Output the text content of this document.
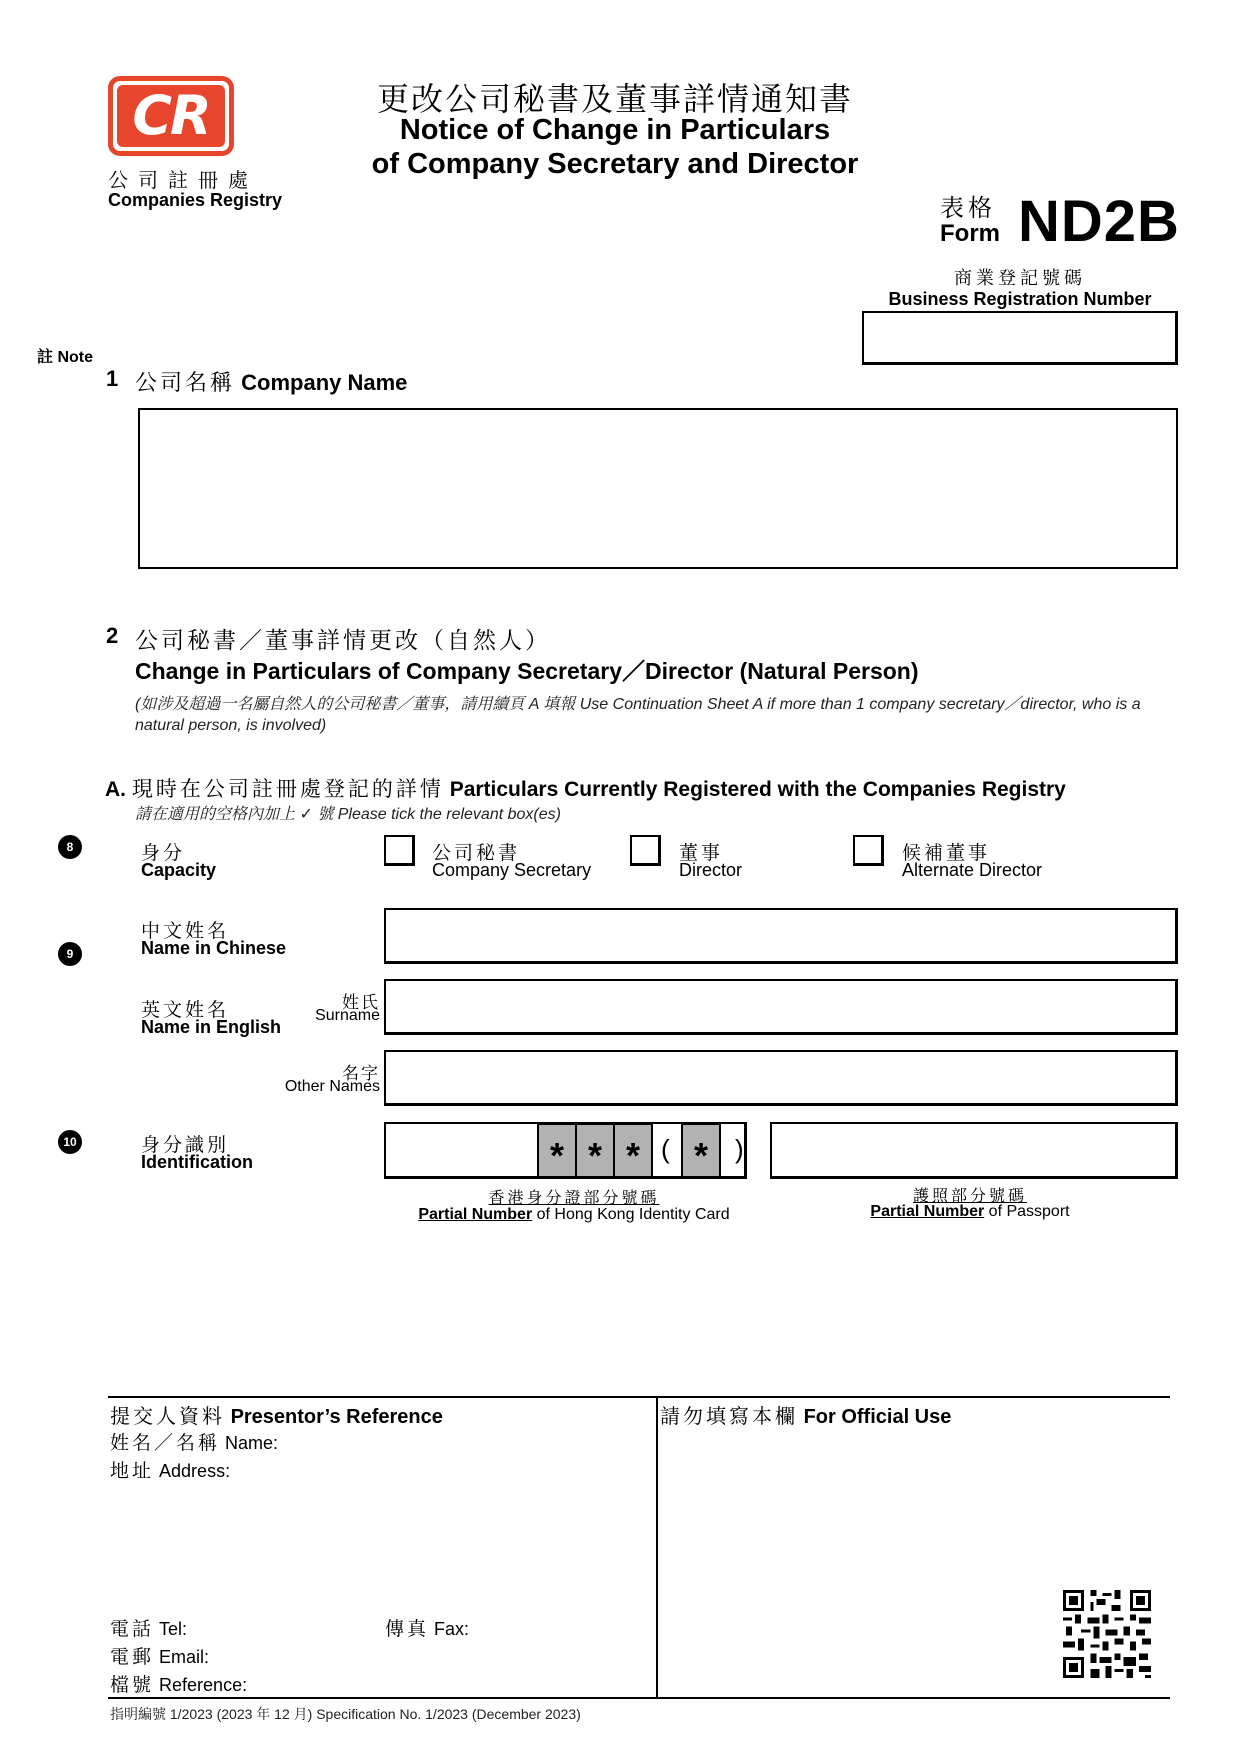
CR
公司註冊處
Companies Registry
更改公司秘書及董事詳情通知書
Notice of Change in Particulars
of Company Secretary and Director
表格
Form ND2B
商業登記號碼
Business Registration Number
註 Note
1 公司名稱 Company Name
2 公司秘書／董事詳情更改（自然人）
Change in Particulars of Company Secretary／Director (Natural Person)
(如涉及超過一名屬自然人的公司秘書／董事，請用續頁 A 填報 Use Continuation Sheet A if more than 1 company secretary／director, who is a natural person, is involved)
A. 現時在公司註冊處登記的詳情 Particulars Currently Registered with the Companies Registry
請在適用的空格內加上 ✓ 號 Please tick the relevant box(es)
8
9
10
身分
Capacity
公司秘書
Company Secretary
董事
Director
候補董事
Alternate Director
中文姓名
Name in Chinese
英文姓名
Name in English
姓氏
Surname
名字
Other Names
身分識別
Identification	* * * ( *	)
香港身分證部分號碼
Partial Number of Hong Kong Identity Card
護照部分號碼
Partial Number of Passport
提交人資料 Presentor’s Reference
姓名／名稱 Name:
地址 Address:
電話 Tel:	傳真 Fax:
電郵 Email:
檔號 Reference:
請勿填寫本欄 For Official Use
指明編號 1/2023 (2023 年 12 月) Specification No. 1/2023 (December 2023)
